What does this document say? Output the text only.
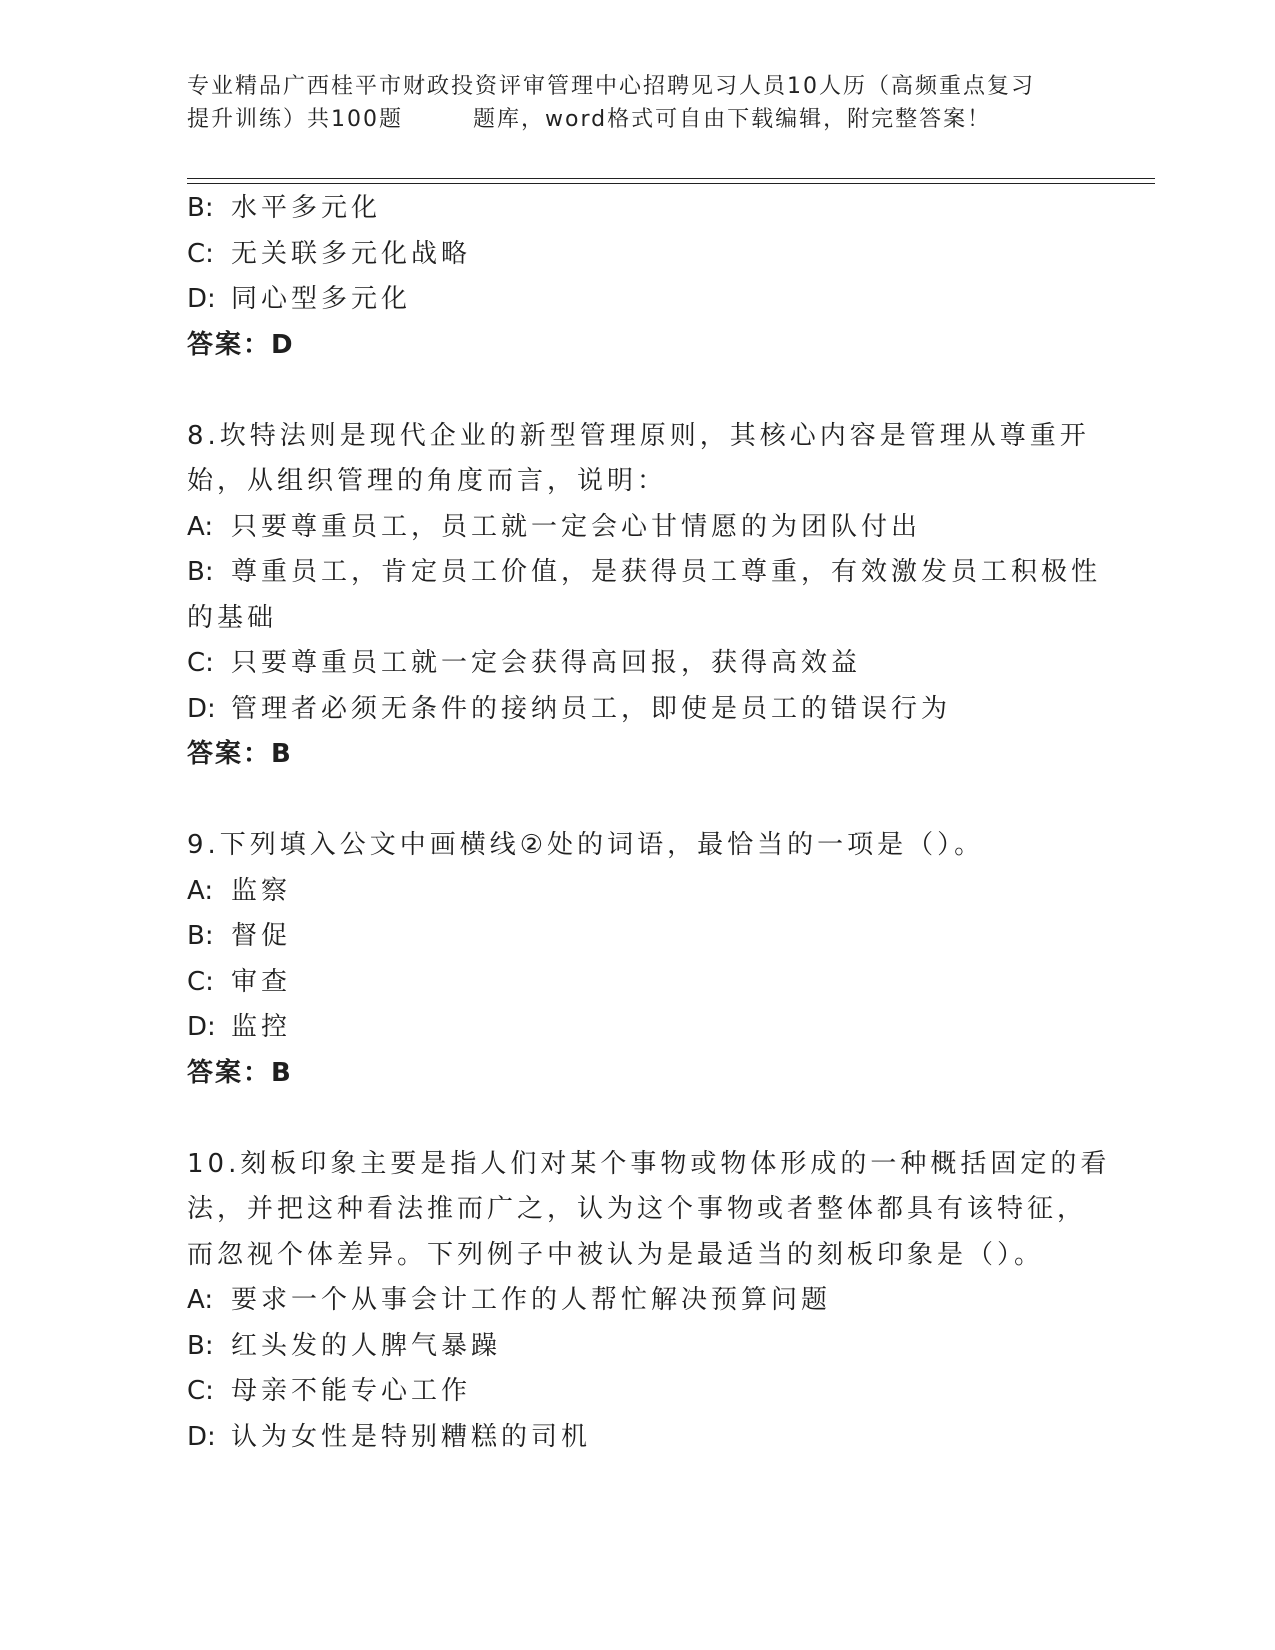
专业精品广西桂平市财政投资评审管理中心招聘见习人员10人历（高频重点复习
提升训练）共100题	题库，word格式可自由下载编辑，附完整答案！
B: 水平多元化
C: 无关联多元化战略
D: 同心型多元化
答案：D
8.坎特法则是现代企业的新型管理原则，其核心内容是管理从尊重开
始，从组织管理的角度而言，说明：
A: 只要尊重员工，员工就一定会心甘情愿的为团队付出
B: 尊重员工，肯定员工价值，是获得员工尊重，有效激发员工积极性
的基础
C: 只要尊重员工就一定会获得高回报，获得高效益
D: 管理者必须无条件的接纳员工，即使是员工的错误行为
答案：B
9.下列填入公文中画横线②处的词语，最恰当的一项是（）。
A: 监察
B: 督促
C: 审查
D: 监控
答案：B
10.刻板印象主要是指人们对某个事物或物体形成的一种概括固定的看
法，并把这种看法推而广之，认为这个事物或者整体都具有该特征，
而忽视个体差异。下列例子中被认为是最适当的刻板印象是（）。
A: 要求一个从事会计工作的人帮忙解决预算问题
B: 红头发的人脾气暴躁
C: 母亲不能专心工作
D: 认为女性是特别糟糕的司机
